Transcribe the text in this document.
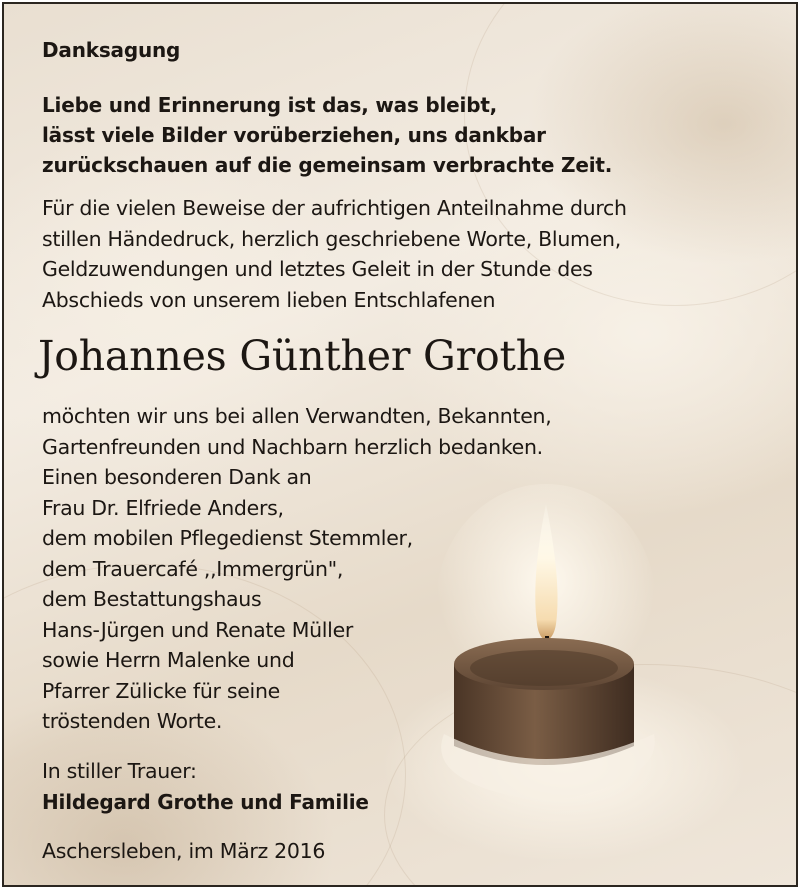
Danksagung
Liebe und Erinnerung ist das, was bleibt,
lässt viele Bilder vorüberziehen, uns dankbar
zurückschauen auf die gemeinsam verbrachte Zeit.
Für die vielen Beweise der aufrichtigen Anteilnahme durch
stillen Händedruck, herzlich geschriebene Worte, Blumen,
Geldzuwendungen und letztes Geleit in der Stunde des
Abschieds von unserem lieben Entschlafenen
Johannes Günther Grothe
möchten wir uns bei allen Verwandten, Bekannten,
Gartenfreunden und Nachbarn herzlich bedanken.
Einen besonderen Dank an
Frau Dr. Elfriede Anders,
dem mobilen Pflegedienst Stemmler,
dem Trauercafé ,,Immergrün",
dem Bestattungshaus
Hans-Jürgen und Renate Müller
sowie Herrn Malenke und
Pfarrer Zülicke für seine
tröstenden Worte.
In stiller Trauer:
Hildegard Grothe und Familie
Aschersleben, im März 2016
